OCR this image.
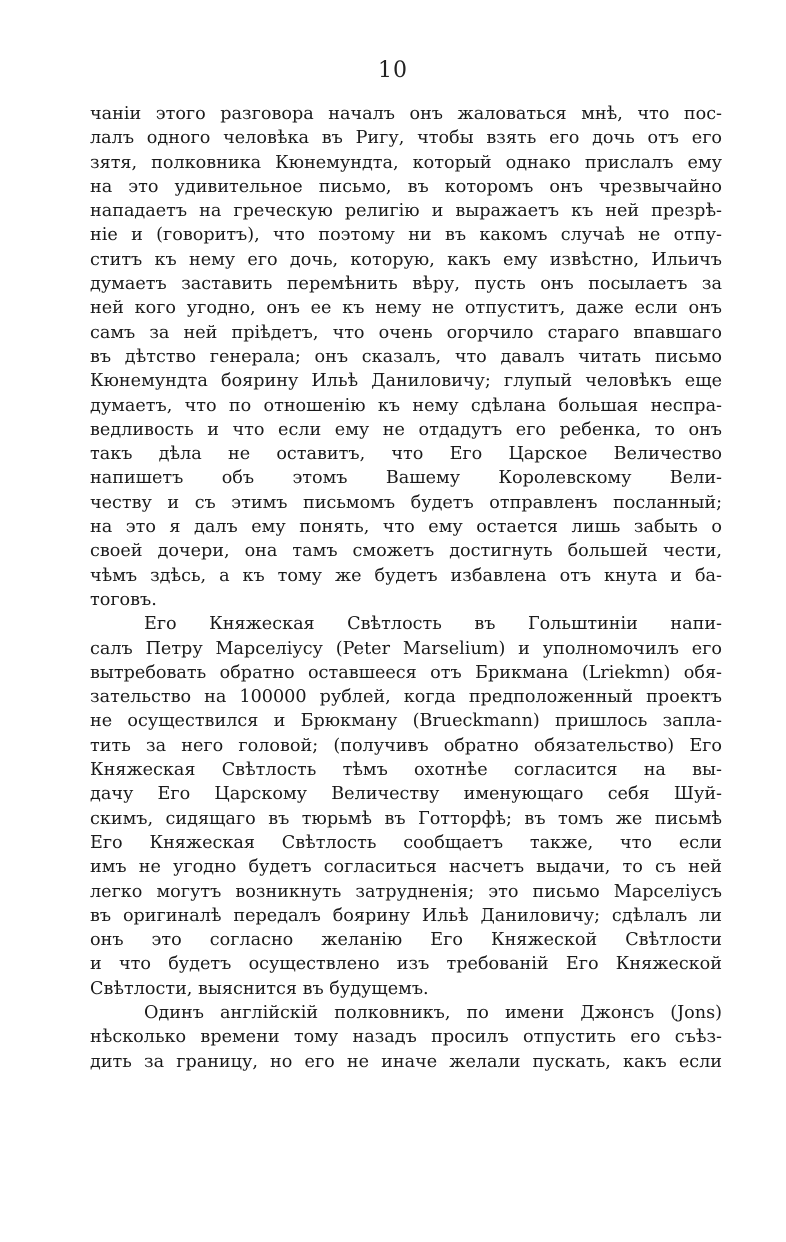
10
чанiи этого разговора началъ онъ жаловаться мнѣ, что пос-
лалъ одного человѣка въ Ригу, чтобы взять его дочь отъ его
зятя, полковника Кюнемундта, который однако прислалъ ему
на это удивительное письмо, въ которомъ онъ чрезвычайно
нападаетъ на греческую религiю и выражаетъ къ ней презрѣ-
нiе и (говоритъ), что поэтому ни въ какомъ случаѣ не отпу-
ститъ къ нему его дочь, которую, какъ ему извѣстно, Ильичъ
думаетъ заставить перемѣнить вѣру, пусть онъ посылаетъ за
ней кого угодно, онъ ее къ нему не отпуститъ, даже если онъ
самъ за ней прiѣдетъ, что очень огорчило стараго впавшаго
въ дѣтство генерала; онъ сказалъ, что давалъ читать письмо
Кюнемундта боярину Ильѣ Даниловичу; глупый человѣкъ еще
думаетъ, что по отношенiю къ нему сдѣлана большая неспра-
ведливость и что если ему не отдадутъ его ребенка, то онъ
такъ дѣла не оставитъ, что Его Царское Величество
напишетъ объ этомъ Вашему Королевскому Вели-
честву и съ этимъ письмомъ будетъ отправленъ посланный;
на это я далъ ему понять, что ему остается лишь забыть о
своей дочери, она тамъ сможетъ достигнуть большей чести,
чѣмъ здѣсь, а къ тому же будетъ избавлена отъ кнута и ба-
тоговъ.
Его Княжеская Свѣтлость въ Гольштинiи напи-
салъ Петру Марселiусу (Peter Marselium) и уполномочилъ его
вытребовать обратно оставшееся отъ Брикмана (Lriekmn) обя-
зательство на 100000 рублей, когда предположенный проектъ
не осуществился и Брюкману (Brueckmann) пришлось запла-
тить за него головой; (получивъ обратно обязательство) Его
Княжеская Свѣтлость тѣмъ охотнѣе согласится на вы-
дачу Его Царскому Величеству именующаго себя Шуй-
скимъ, сидящаго въ тюрьмѣ въ Готторфѣ; въ томъ же письмѣ
Его Княжеская Свѣтлость сообщаетъ также, что если
имъ не угодно будетъ согласиться насчетъ выдачи, то съ ней
легко могутъ возникнуть затрудненiя; это письмо Марселiусъ
въ оригиналѣ передалъ боярину Ильѣ Даниловичу; сдѣлалъ ли
онъ это согласно желанiю Его Княжеской Свѣтлости
и что будетъ осуществлено изъ требованiй Его Княжеской
Свѣтлости, выяснится въ будущемъ.
Одинъ англiйскiй полковникъ, по имени Джонсъ (Jons)
нѣсколько времени тому назадъ просилъ отпустить его съѣз-
дить за границу, но его не иначе желали пускать, какъ если
